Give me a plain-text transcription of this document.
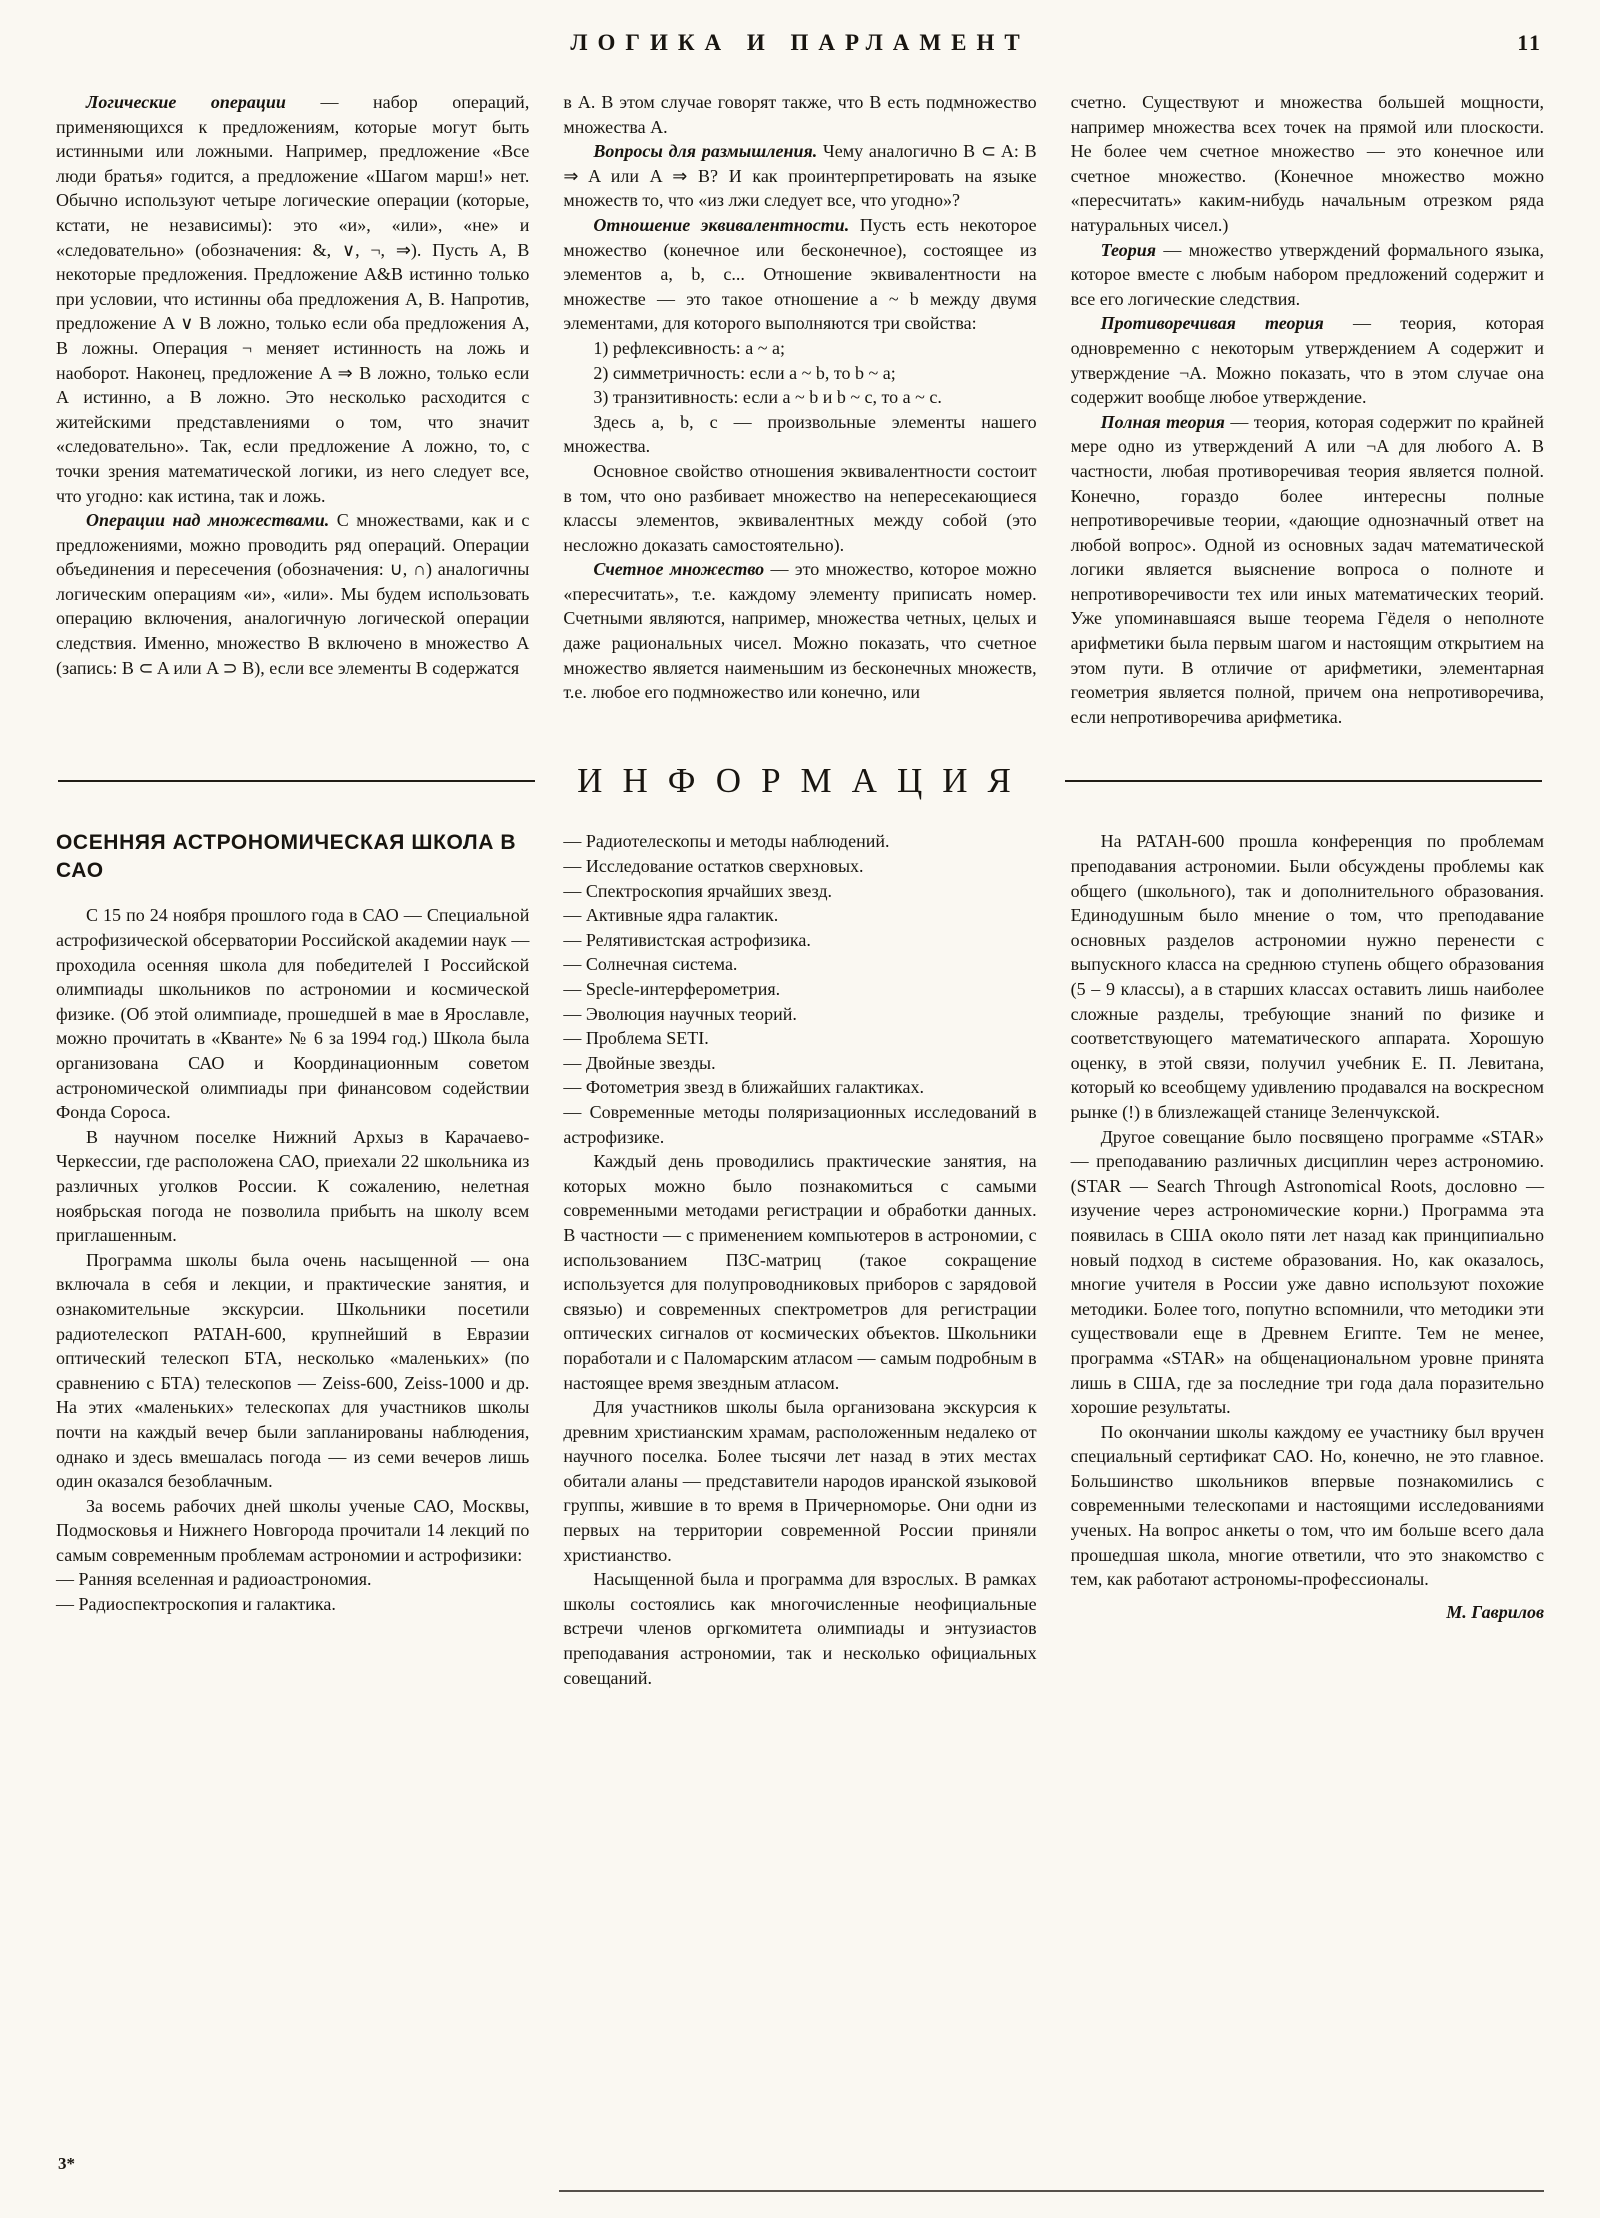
ЛОГИКА И ПАРЛАМЕНТ	11

Логические операции — набор операций, применяющихся к предложениям, которые могут быть истинными или ложными. Например, предложение «Все люди братья» годится, а предложение «Шагом марш!» нет. Обычно используют четыре логические операции (которые, кстати, не независимы): это «и», «или», «не» и «следовательно» (обозначения: &, ∨, ¬, ⇒). Пусть A, B некоторые предложения. Предложение A&B истинно только при условии, что истинны оба предложения A, B. Напротив, предложение A ∨ B ложно, только если оба предложения A, B ложны. Операция ¬ меняет истинность на ложь и наоборот. Наконец, предложение A ⇒ B ложно, только если A истинно, а B ложно. Это несколько расходится с житейскими представлениями о том, что значит «следовательно». Так, если предложение A ложно, то, с точки зрения математической логики, из него следует все, что угодно: как истина, так и ложь.

Операции над множествами. С множествами, как и с предложениями, можно проводить ряд операций. Операции объединения и пересечения (обозначения: ∪, ∩) аналогичны логическим операциям «и», «или». Мы будем использовать операцию включения, аналогичную логической операции следствия. Именно, множество B включено в множество A (запись: B ⊂ A или A ⊃ B), если все элементы B содержатся

в A. В этом случае говорят также, что B есть подмножество множества A.

Вопросы для размышления. Чему аналогично B ⊂ A: B ⇒ A или A ⇒ B? И как проинтерпретировать на языке множеств то, что «из лжи следует все, что угодно»?

Отношение эквивалентности. Пусть есть некоторое множество (конечное или бесконечное), состоящее из элементов a, b, c... Отношение эквивалентности на множестве — это такое отношение a ~ b между двумя элементами, для которого выполняются три свойства:

1) рефлексивность: a ~ a;

2) симметричность: если a ~ b, то b ~ a;

3) транзитивность: если a ~ b и b ~ c, то a ~ c.

Здесь a, b, c — произвольные элементы нашего множества.

Основное свойство отношения эквивалентности состоит в том, что оно разбивает множество на непересекающиеся классы элементов, эквивалентных между собой (это несложно доказать самостоятельно).

Счетное множество — это множество, которое можно «пересчитать», т.е. каждому элементу приписать номер. Счетными являются, например, множества четных, целых и даже рациональных чисел. Можно показать, что счетное множество является наименьшим из бесконечных множеств, т.е. любое его подмножество или конечно, или

счетно. Существуют и множества большей мощности, например множества всех точек на прямой или плоскости. Не более чем счетное множество — это конечное или счетное множество. (Конечное множество можно «пересчитать» каким-нибудь начальным отрезком ряда натуральных чисел.)

Теория — множество утверждений формального языка, которое вместе с любым набором предложений содержит и все его логические следствия.

Противоречивая теория — теория, которая одновременно с некоторым утверждением A содержит и утверждение ¬A. Можно показать, что в этом случае она содержит вообще любое утверждение.

Полная теория — теория, которая содержит по крайней мере одно из утверждений A или ¬A для любого A. В частности, любая противоречивая теория является полной. Конечно, гораздо более интересны полные непротиворечивые теории, «дающие однозначный ответ на любой вопрос». Одной из основных задач математической логики является выяснение вопроса о полноте и непротиворечивости тех или иных математических теорий. Уже упоминавшаяся выше теорема Гёделя о неполноте арифметики была первым шагом и настоящим открытием на этом пути. В отличие от арифметики, элементарная геометрия является полной, причем она непротиворечива, если непротиворечива арифметика.

ИНФОРМАЦИЯ

ОСЕННЯЯ АСТРОНОМИЧЕСКАЯ ШКОЛА В САО

С 15 по 24 ноября прошлого года в САО — Специальной астрофизической обсерватории Российской академии наук — проходила осенняя школа для победителей I Российской олимпиады школьников по астрономии и космической физике. (Об этой олимпиаде, прошедшей в мае в Ярославле, можно прочитать в «Кванте» № 6 за 1994 год.) Школа была организована САО и Координационным советом астрономической олимпиады при финансовом содействии Фонда Сороса.

В научном поселке Нижний Архыз в Карачаево-Черкессии, где расположена САО, приехали 22 школьника из различных уголков России. К сожалению, нелетная ноябрьская погода не позволила прибыть на школу всем приглашенным.

Программа школы была очень насыщенной — она включала в себя и лекции, и практические занятия, и ознакомительные экскурсии. Школьники посетили радиотелескоп РАТАН-600, крупнейший в Евразии оптический телескоп БТА, несколько «маленьких» (по сравнению с БТА) телескопов — Zeiss-600, Zeiss-1000 и др. На этих «маленьких» телескопах для участников школы почти на каждый вечер были запланированы наблюдения, однако и здесь вмешалась погода — из семи вечеров лишь один оказался безоблачным.

За восемь рабочих дней школы ученые САО, Москвы, Подмосковья и Нижнего Новгорода прочитали 14 лекций по самым современным проблемам астрономии и астрофизики:

— Ранняя вселенная и радиоастрономия.

— Радиоспектроскопия и галактика.

— Радиотелескопы и методы наблюдений.

— Исследование остатков сверхновых.

— Спектроскопия ярчайших звезд.

— Активные ядра галактик.

— Релятивистская астрофизика.

— Солнечная система.

— Specle-интерферометрия.

— Эволюция научных теорий.

— Проблема SETI.

— Двойные звезды.

— Фотометрия звезд в ближайших галактиках.

— Современные методы поляризационных исследований в астрофизике.

Каждый день проводились практические занятия, на которых можно было познакомиться с самыми современными методами регистрации и обработки данных. В частности — с применением компьютеров в астрономии, с использованием ПЗС-матриц (такое сокращение используется для полупроводниковых приборов с зарядовой связью) и современных спектрометров для регистрации оптических сигналов от космических объектов. Школьники поработали и с Паломарским атласом — самым подробным в настоящее время звездным атласом.

Для участников школы была организована экскурсия к древним христианским храмам, расположенным недалеко от научного поселка. Более тысячи лет назад в этих местах обитали аланы — представители народов иранской языковой группы, жившие в то время в Причерноморье. Они одни из первых на территории современной России приняли христианство.

Насыщенной была и программа для взрослых. В рамках школы состоялись как многочисленные неофициальные встречи членов оргкомитета олимпиады и энтузиастов преподавания астрономии, так и несколько официальных совещаний.

На РАТАН-600 прошла конференция по проблемам преподавания астрономии. Были обсуждены проблемы как общего (школьного), так и дополнительного образования. Единодушным было мнение о том, что преподавание основных разделов астрономии нужно перенести с выпускного класса на среднюю ступень общего образования (5 – 9 классы), а в старших классах оставить лишь наиболее сложные разделы, требующие знаний по физике и соответствующего математического аппарата. Хорошую оценку, в этой связи, получил учебник Е. П. Левитана, который ко всеобщему удивлению продавался на воскресном рынке (!) в близлежащей станице Зеленчукской.

Другое совещание было посвящено программе «STAR» — преподаванию различных дисциплин через астрономию. (STAR — Search Through Astronomical Roots, дословно — изучение через астрономические корни.) Программа эта появилась в США около пяти лет назад как принципиально новый подход в системе образования. Но, как оказалось, многие учителя в России уже давно используют похожие методики. Более того, попутно вспомнили, что методики эти существовали еще в Древнем Египте. Тем не менее, программа «STAR» на общенациональном уровне принята лишь в США, где за последние три года дала поразительно хорошие результаты.

По окончании школы каждому ее участнику был вручен специальный сертификат САО. Но, конечно, не это главное. Большинство школьников впервые познакомились с современными телескопами и настоящими исследованиями ученых. На вопрос анкеты о том, что им больше всего дала прошедшая школа, многие ответили, что это знакомство с тем, как работают астрономы-профессионалы.

М. Гаврилов

3*
